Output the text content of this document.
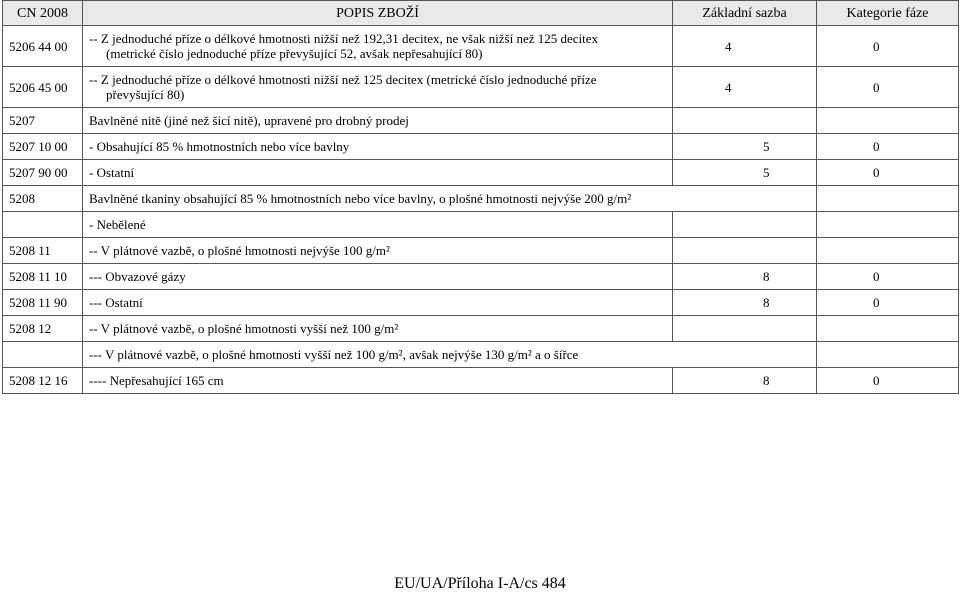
CN 2008	POPIS ZBOŽÍ	Základní sazba	Kategorie fáze
5206 44 00	-- Z jednoduché příze o délkové hmotnosti nižší než 192,31 decitex, ne však nižší než 125 decitex
(metrické číslo jednoduché příze převyšující 52, avšak nepřesahující 80)	4	0
5206 45 00	-- Z jednoduché příze o délkové hmotnosti nižší než 125 decitex (metrické číslo jednoduché příze
převyšující 80)	4	0
5207	Bavlněné nitě (jiné než šicí nitě), upravené pro drobný prodej		
5207 10 00	- Obsahující 85 % hmotnostních nebo více bavlny	5	0
5207 90 00	- Ostatní	5	0
5208	Bavlněné tkaniny obsahující 85 % hmotnostních nebo více bavlny, o plošné hmotnosti nejvýše 200 g/m²		
	- Nebělené		
5208 11	-- V plátnové vazbě, o plošné hmotnosti nejvýše 100 g/m²		
5208 11 10	--- Obvazové gázy	8	0
5208 11 90	--- Ostatní	8	0
5208 12	-- V plátnové vazbě, o plošné hmotnosti vyšší než 100 g/m²		
	--- V plátnové vazbě, o plošné hmotnosti vyšší než 100 g/m², avšak nejvýše 130 g/m² a o šířce		
5208 12 16	---- Nepřesahující 165 cm	8	0
EU/UA/Příloha I-A/cs 484
